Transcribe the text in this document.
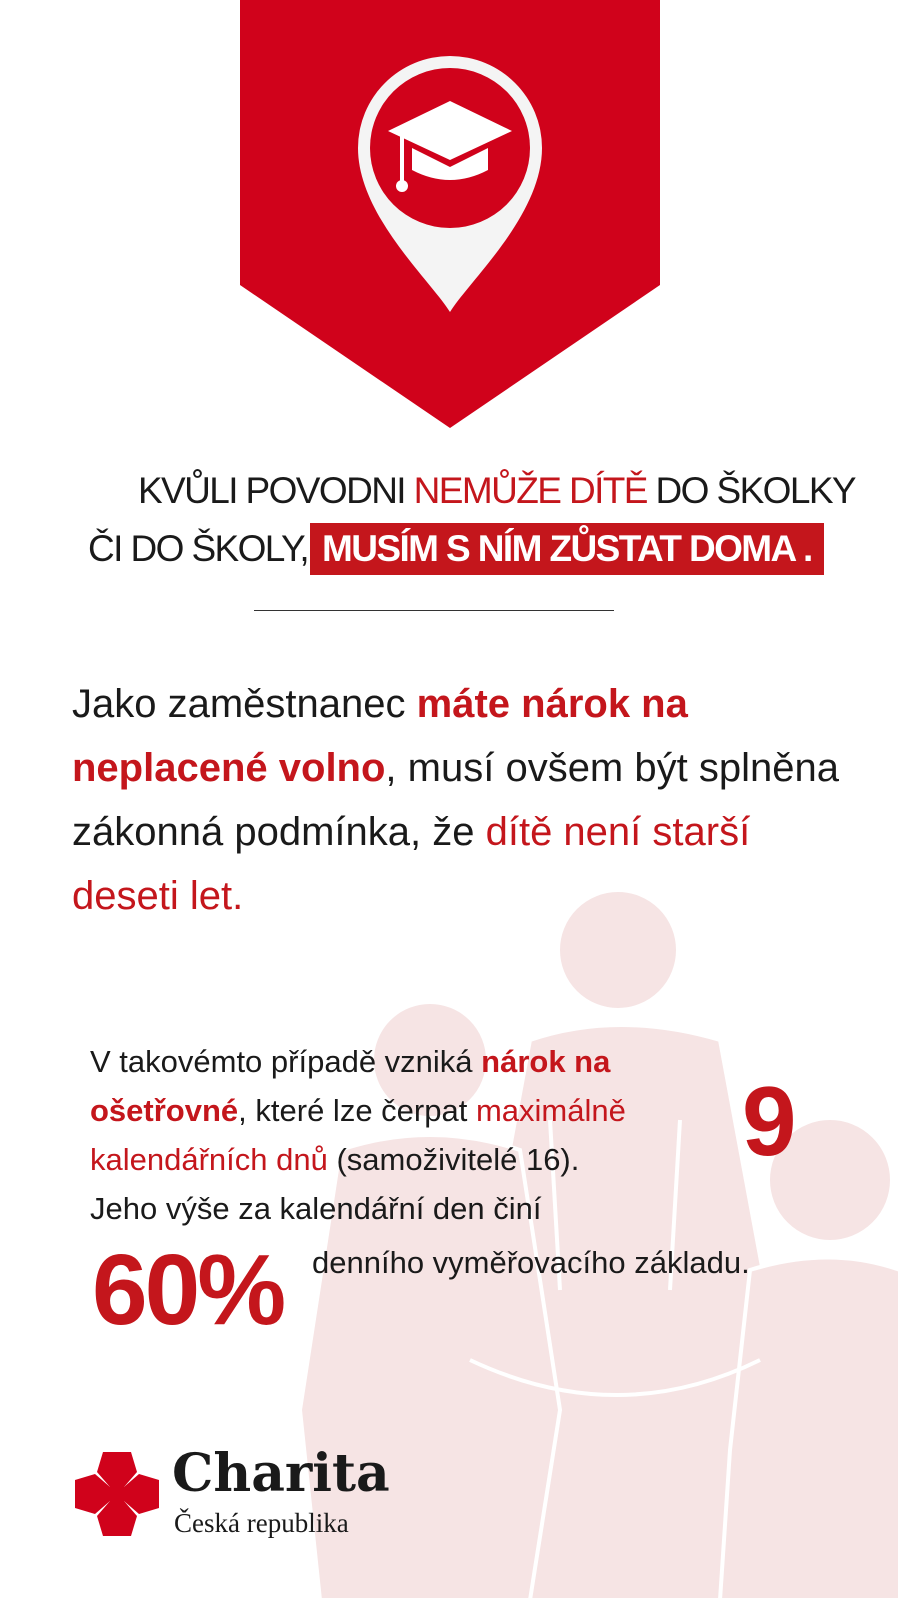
KVŮLI POVODNI NEMŮŽE DÍTĚ DO ŠKOLKY
ČI DO ŠKOLY, MUSÍM S NÍM ZŮSTAT DOMA .
Jako zaměstnanec máte nárok na neplacené volno, musí ovšem být splněna zákonná podmínka, že dítě není starší deseti let.
V takovémto případě vzniká nárok na ošetřovné, které lze čerpat maximálně kalendářních dnů (samoživitelé 16).
Jeho výše za kalendářní den činí
9
60% denního vyměřovacího základu.
Charita
Česká republika
